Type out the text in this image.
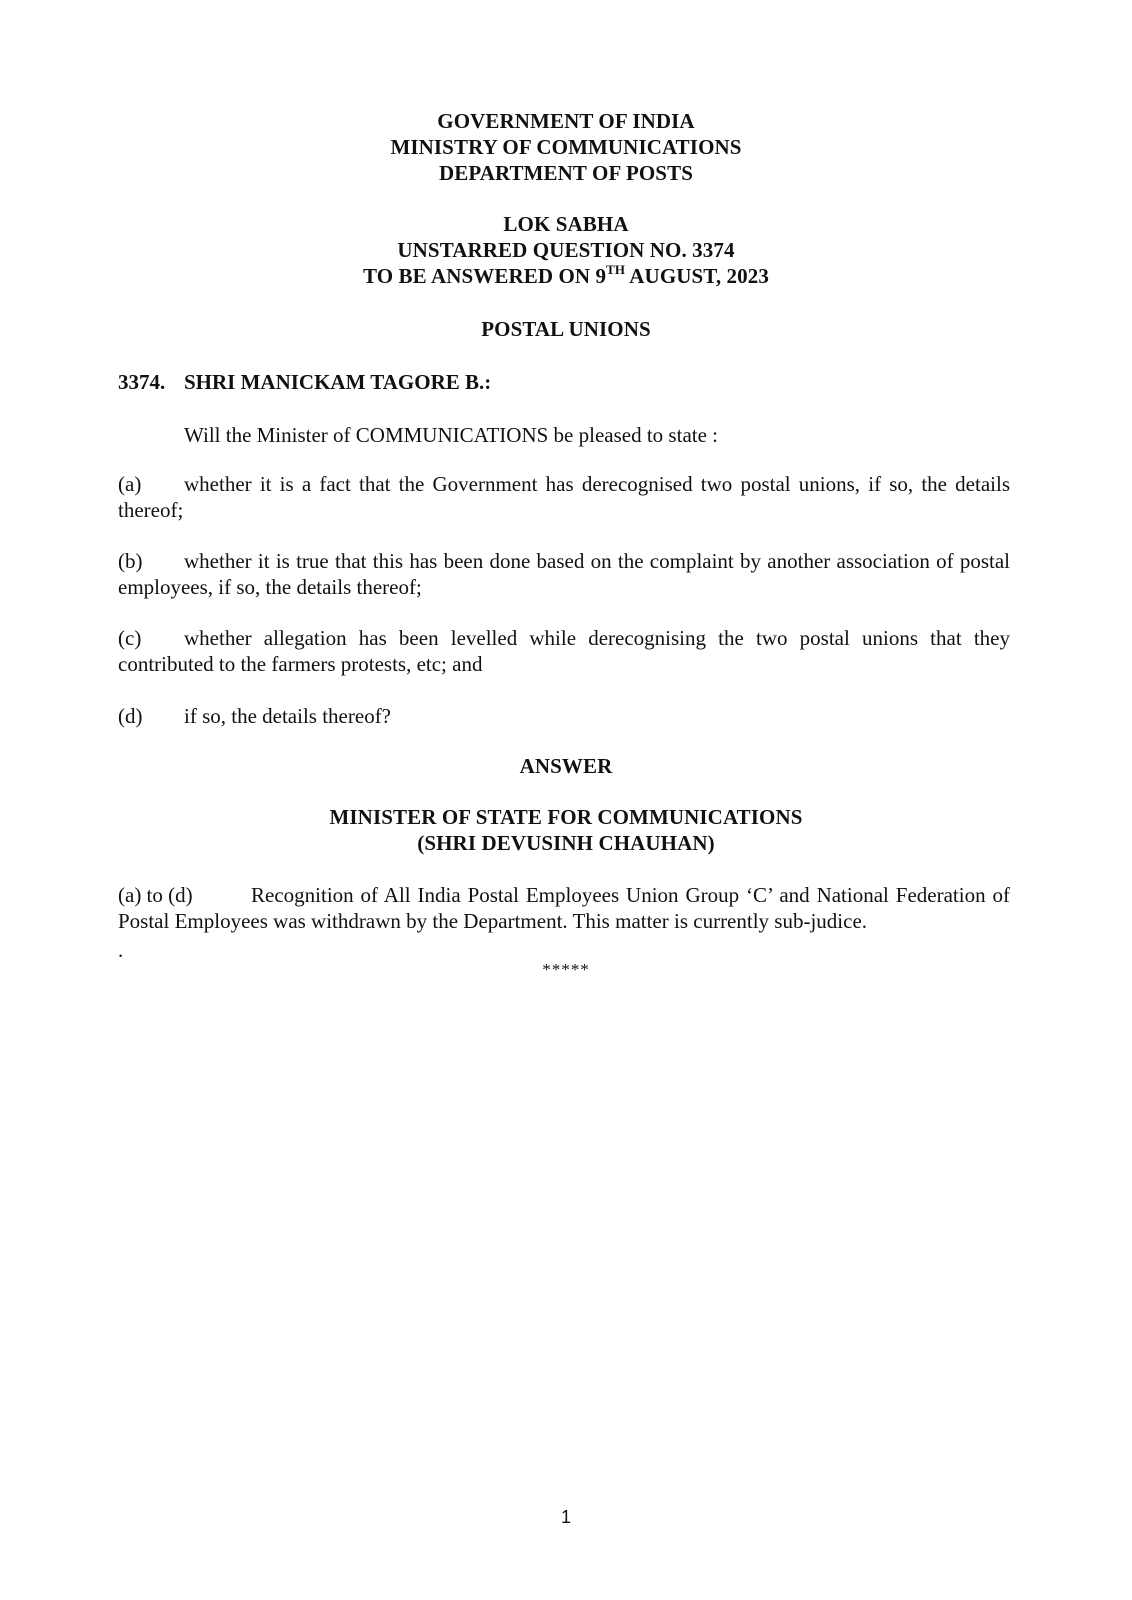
GOVERNMENT OF INDIA

MINISTRY OF COMMUNICATIONS

DEPARTMENT OF POSTS

LOK SABHA

UNSTARRED QUESTION NO. 3374

TO BE ANSWERED ON 9TH AUGUST, 2023

POSTAL UNIONS

3374. SHRI MANICKAM TAGORE B.:
Will the Minister of COMMUNICATIONS be pleased to state :
(a) whether it is a fact that the Government has derecognised two postal unions, if so, the details thereof;
(b) whether it is true that this has been done based on the complaint by another association of postal employees, if so, the details thereof;
(c) whether allegation has been levelled while derecognising the two postal unions that they contributed to the farmers protests, etc; and
(d) if so, the details thereof?

ANSWER

MINISTER OF STATE FOR COMMUNICATIONS

(SHRI DEVUSINH CHAUHAN)

(a) to (d)	Recognition of All India Postal Employees Union Group ‘C’ and National Federation of Postal Employees was withdrawn by the Department. This matter is currently sub-judice.
.
*****
1
